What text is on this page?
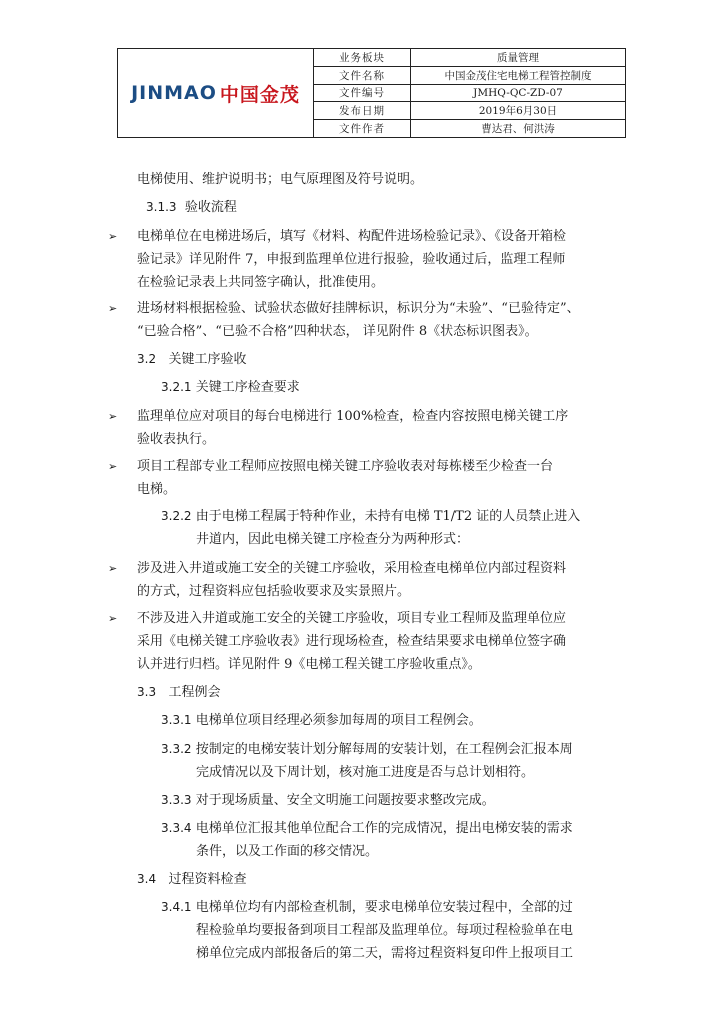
JINMAO 中国金茂
业务板块	质量管理
文件名称	中国金茂住宅电梯工程管控制度
文件编号	JMHQ-QC-ZD-07
发布日期	2019年6月30日
文件作者	曹达君、何洪涛
电梯使用、维护说明书；电气原理图及符号说明。
3.1.3 验收流程
➢ 电梯单位在电梯进场后，填写《材料、构配件进场检验记录》、《设备开箱检
验记录》详见附件 7，申报到监理单位进行报验，验收通过后，监理工程师
在检验记录表上共同签字确认，批准使用。
➢ 进场材料根据检验、试验状态做好挂牌标识，标识分为“未验”、“已验待定”、
“已验合格”、“已验不合格”四种状态， 详见附件 8《状态标识图表》。
3.2 关键工序验收
3.2.1 关键工序检查要求
➢ 监理单位应对项目的每台电梯进行 100%检查，检查内容按照电梯关键工序
验收表执行。
➢ 项目工程部专业工程师应按照电梯关键工序验收表对每栋楼至少检查一台
电梯。
3.2.2 由于电梯工程属于特种作业，未持有电梯 T1/T2 证的人员禁止进入
井道内，因此电梯关键工序检查分为两种形式：
➢ 涉及进入井道或施工安全的关键工序验收，采用检查电梯单位内部过程资料
的方式，过程资料应包括验收要求及实景照片。
➢ 不涉及进入井道或施工安全的关键工序验收，项目专业工程师及监理单位应
采用《电梯关键工序验收表》进行现场检查，检查结果要求电梯单位签字确
认并进行归档。详见附件 9《电梯工程关键工序验收重点》。
3.3 工程例会
3.3.1 电梯单位项目经理必须参加每周的项目工程例会。
3.3.2 按制定的电梯安装计划分解每周的安装计划，在工程例会汇报本周
完成情况以及下周计划，核对施工进度是否与总计划相符。
3.3.3 对于现场质量、安全文明施工问题按要求整改完成。
3.3.4 电梯单位汇报其他单位配合工作的完成情况，提出电梯安装的需求
条件，以及工作面的移交情况。
3.4 过程资料检查
3.4.1 电梯单位均有内部检查机制，要求电梯单位安装过程中，全部的过
程检验单均要报备到项目工程部及监理单位。每项过程检验单在电
梯单位完成内部报备后的第二天，需将过程资料复印件上报项目工
